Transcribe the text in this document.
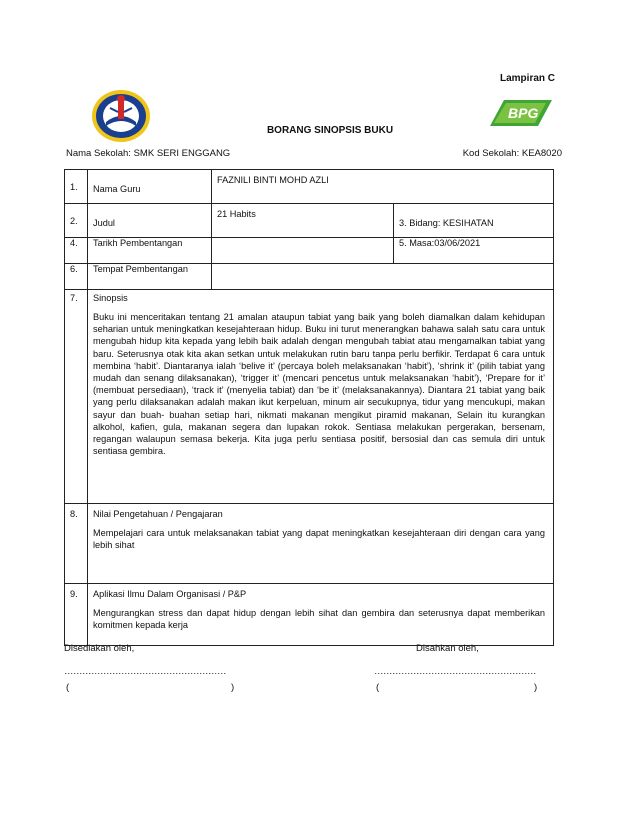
Lampiran C
BPG
BORANG SINOPSIS BUKU
Nama Sekolah: SMK SERI ENGGANG	Kod Sekolah: KEA8020
1.	Nama Guru	FAZNILI BINTI MOHD AZLI	
2.	Judul	21 Habits	3. Bidang: KESIHATAN
4.	Tarikh Pembentangan		5. Masa:03/06/2021
6.	Tempat Pembentangan		
7.	Sinopsis

Buku ini menceritakan tentang 21 amalan ataupun tabiat yang baik yang boleh diamalkan dalam kehidupan seharian untuk meningkatkan kesejahteraan hidup. Buku ini turut menerangkan bahawa salah satu cara untuk mengubah hidup kita kepada yang lebih baik adalah dengan mengubah tabiat atau mengamalkan tabiat yang baru. Seterusnya otak kita akan setkan untuk melakukan rutin baru tanpa perlu berfikir. Terdapat 6 cara untuk membina ‘habit’. Diantaranya ialah ‘belive it’ (percaya boleh melaksanakan ‘habit’), ‘shrink it’ (pilih tabiat yang mudah dan senang dilaksanakan), ‘trigger it’ (mencari pencetus untuk melaksanakan ‘habit’), ‘Prepare for it’ (membuat persediaan), ‘track it’ (menyelia tabiat) dan ‘be it’ (melaksanakannya). Diantara 21 tabiat yang baik yang perlu dilaksanakan adalah makan ikut kerpeluan, minum air secukupnya, tidur yang mencukupi, makan sayur dan buah- buahan setiap hari, nikmati makanan mengikut piramid makanan, Selain itu kurangkan alkohol, kafien, gula, makanan segera dan lupakan rokok. Sentiasa melakukan pergerakan, bersenam, regangan walaupun semasa bekerja. Kita juga perlu sentiasa positif, bersosial dan cas semula diri untuk sentiasa gembira.		

8.	Nilai Pengetahuan / Pengajaran

Mempelajari cara untuk melaksanakan tabiat yang dapat meningkatkan kesejahteraan diri dengan cara yang lebih sihat		

9.	Aplikasi Ilmu Dalam Organisasi / P&P

Mengurangkan stress dan dapat hidup dengan lebih sihat dan gembira dan seterusnya dapat memberikan komitmen kepada kerja		

Disediakan oleh,	Disahkan oleh,
………………………………………………	………………………………………………
(	)	(	)
